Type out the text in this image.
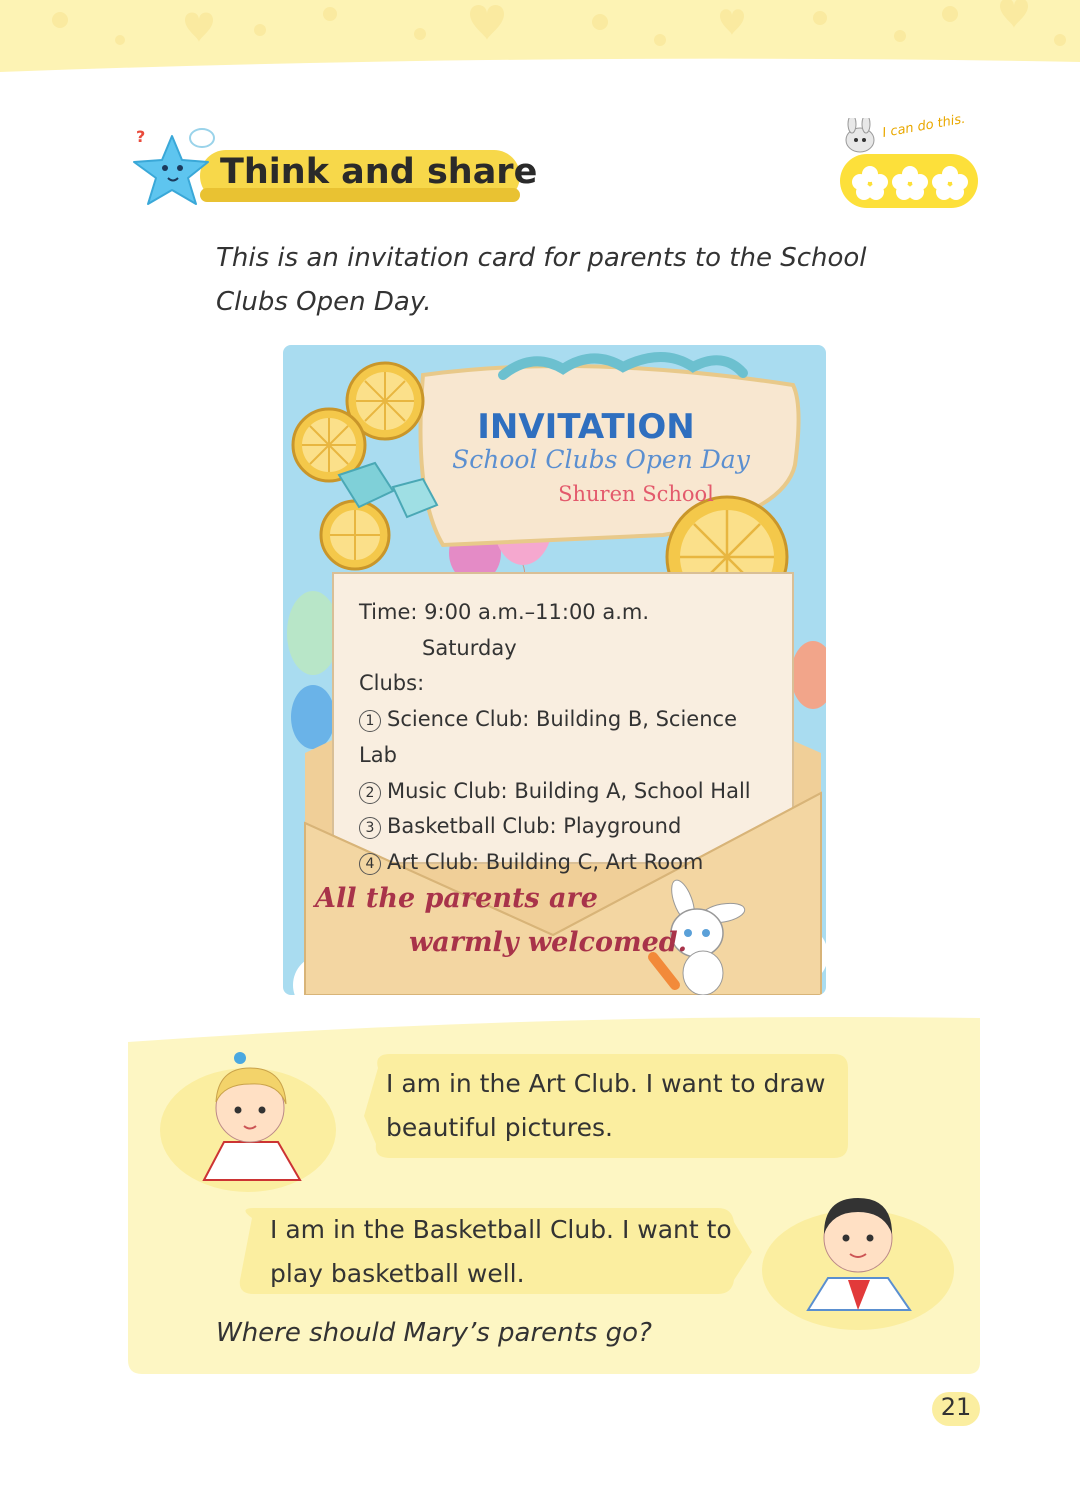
?
Think and share
I can do this.
This is an invitation card for parents to the School
Clubs Open Day.
INVITATION
School Clubs Open Day
Shuren School
Time: 9:00 a.m.–11:00 a.m.
Saturday
Clubs:
1 Science Club: Building B, Science Lab
2 Music Club: Building A, School Hall
3 Basketball Club: Playground
4 Art Club: Building C, Art Room
All the parents are
warmly welcomed.
I am in the Art Club. I want to draw
beautiful pictures.
I am in the Basketball Club. I want to
play basketball well.
Where should Mary’s parents go?
21
